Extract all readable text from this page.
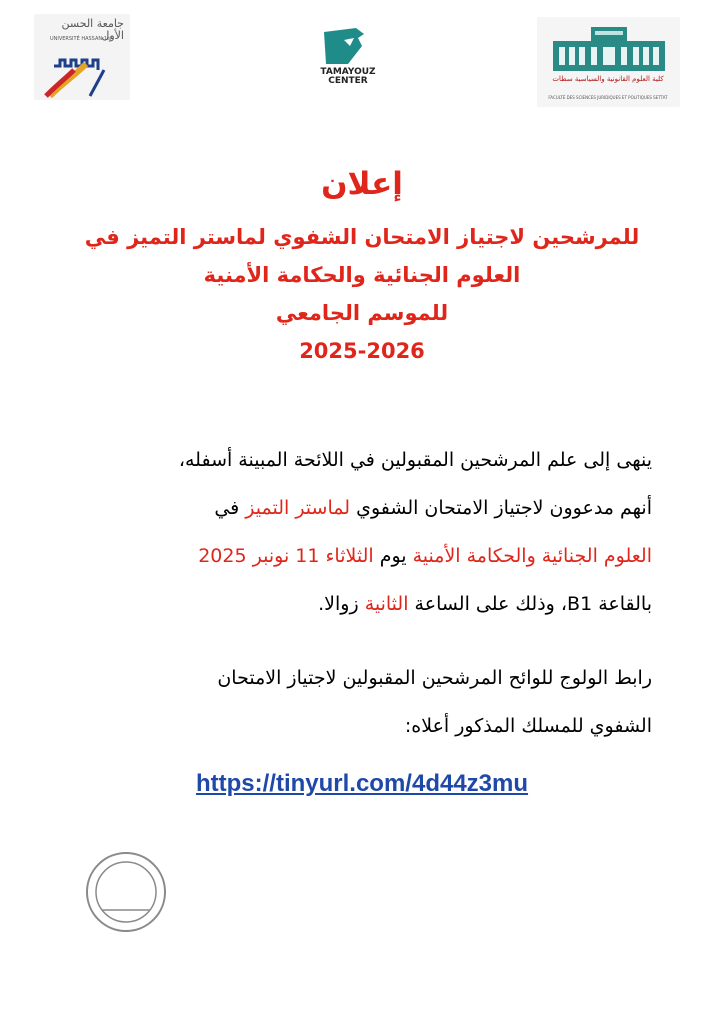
جامعة الحسن الأول
UNIVERSITÉ HASSAN 1er
TAMAYOUZ
CENTER	كلية العلوم القانونية والسياسية سطات
FACULTÉ DES SCIENCES JURIDIQUES ET POLITIQUES SETTAT
إعلان
للمرشحين لاجتياز الامتحان الشفوي لماستر التميز في
العلوم الجنائية والحكامة الأمنية
للموسم الجامعي
2025-2026
ينهى إلى علم المرشحين المقبولين في اللائحة المبينة أسفله،
أنهم مدعوون لاجتياز الامتحان الشفوي لماستر التميز في
العلوم الجنائية والحكامة الأمنية يوم الثلاثاء 11 نونبر 2025
بالقاعة B1، وذلك على الساعة الثانية زوالا.
رابط الولوج للوائح المرشحين المقبولين لاجتياز الامتحان
الشفوي للمسلك المذكور أعلاه:
https://tinyurl.com/4d44z3mu
